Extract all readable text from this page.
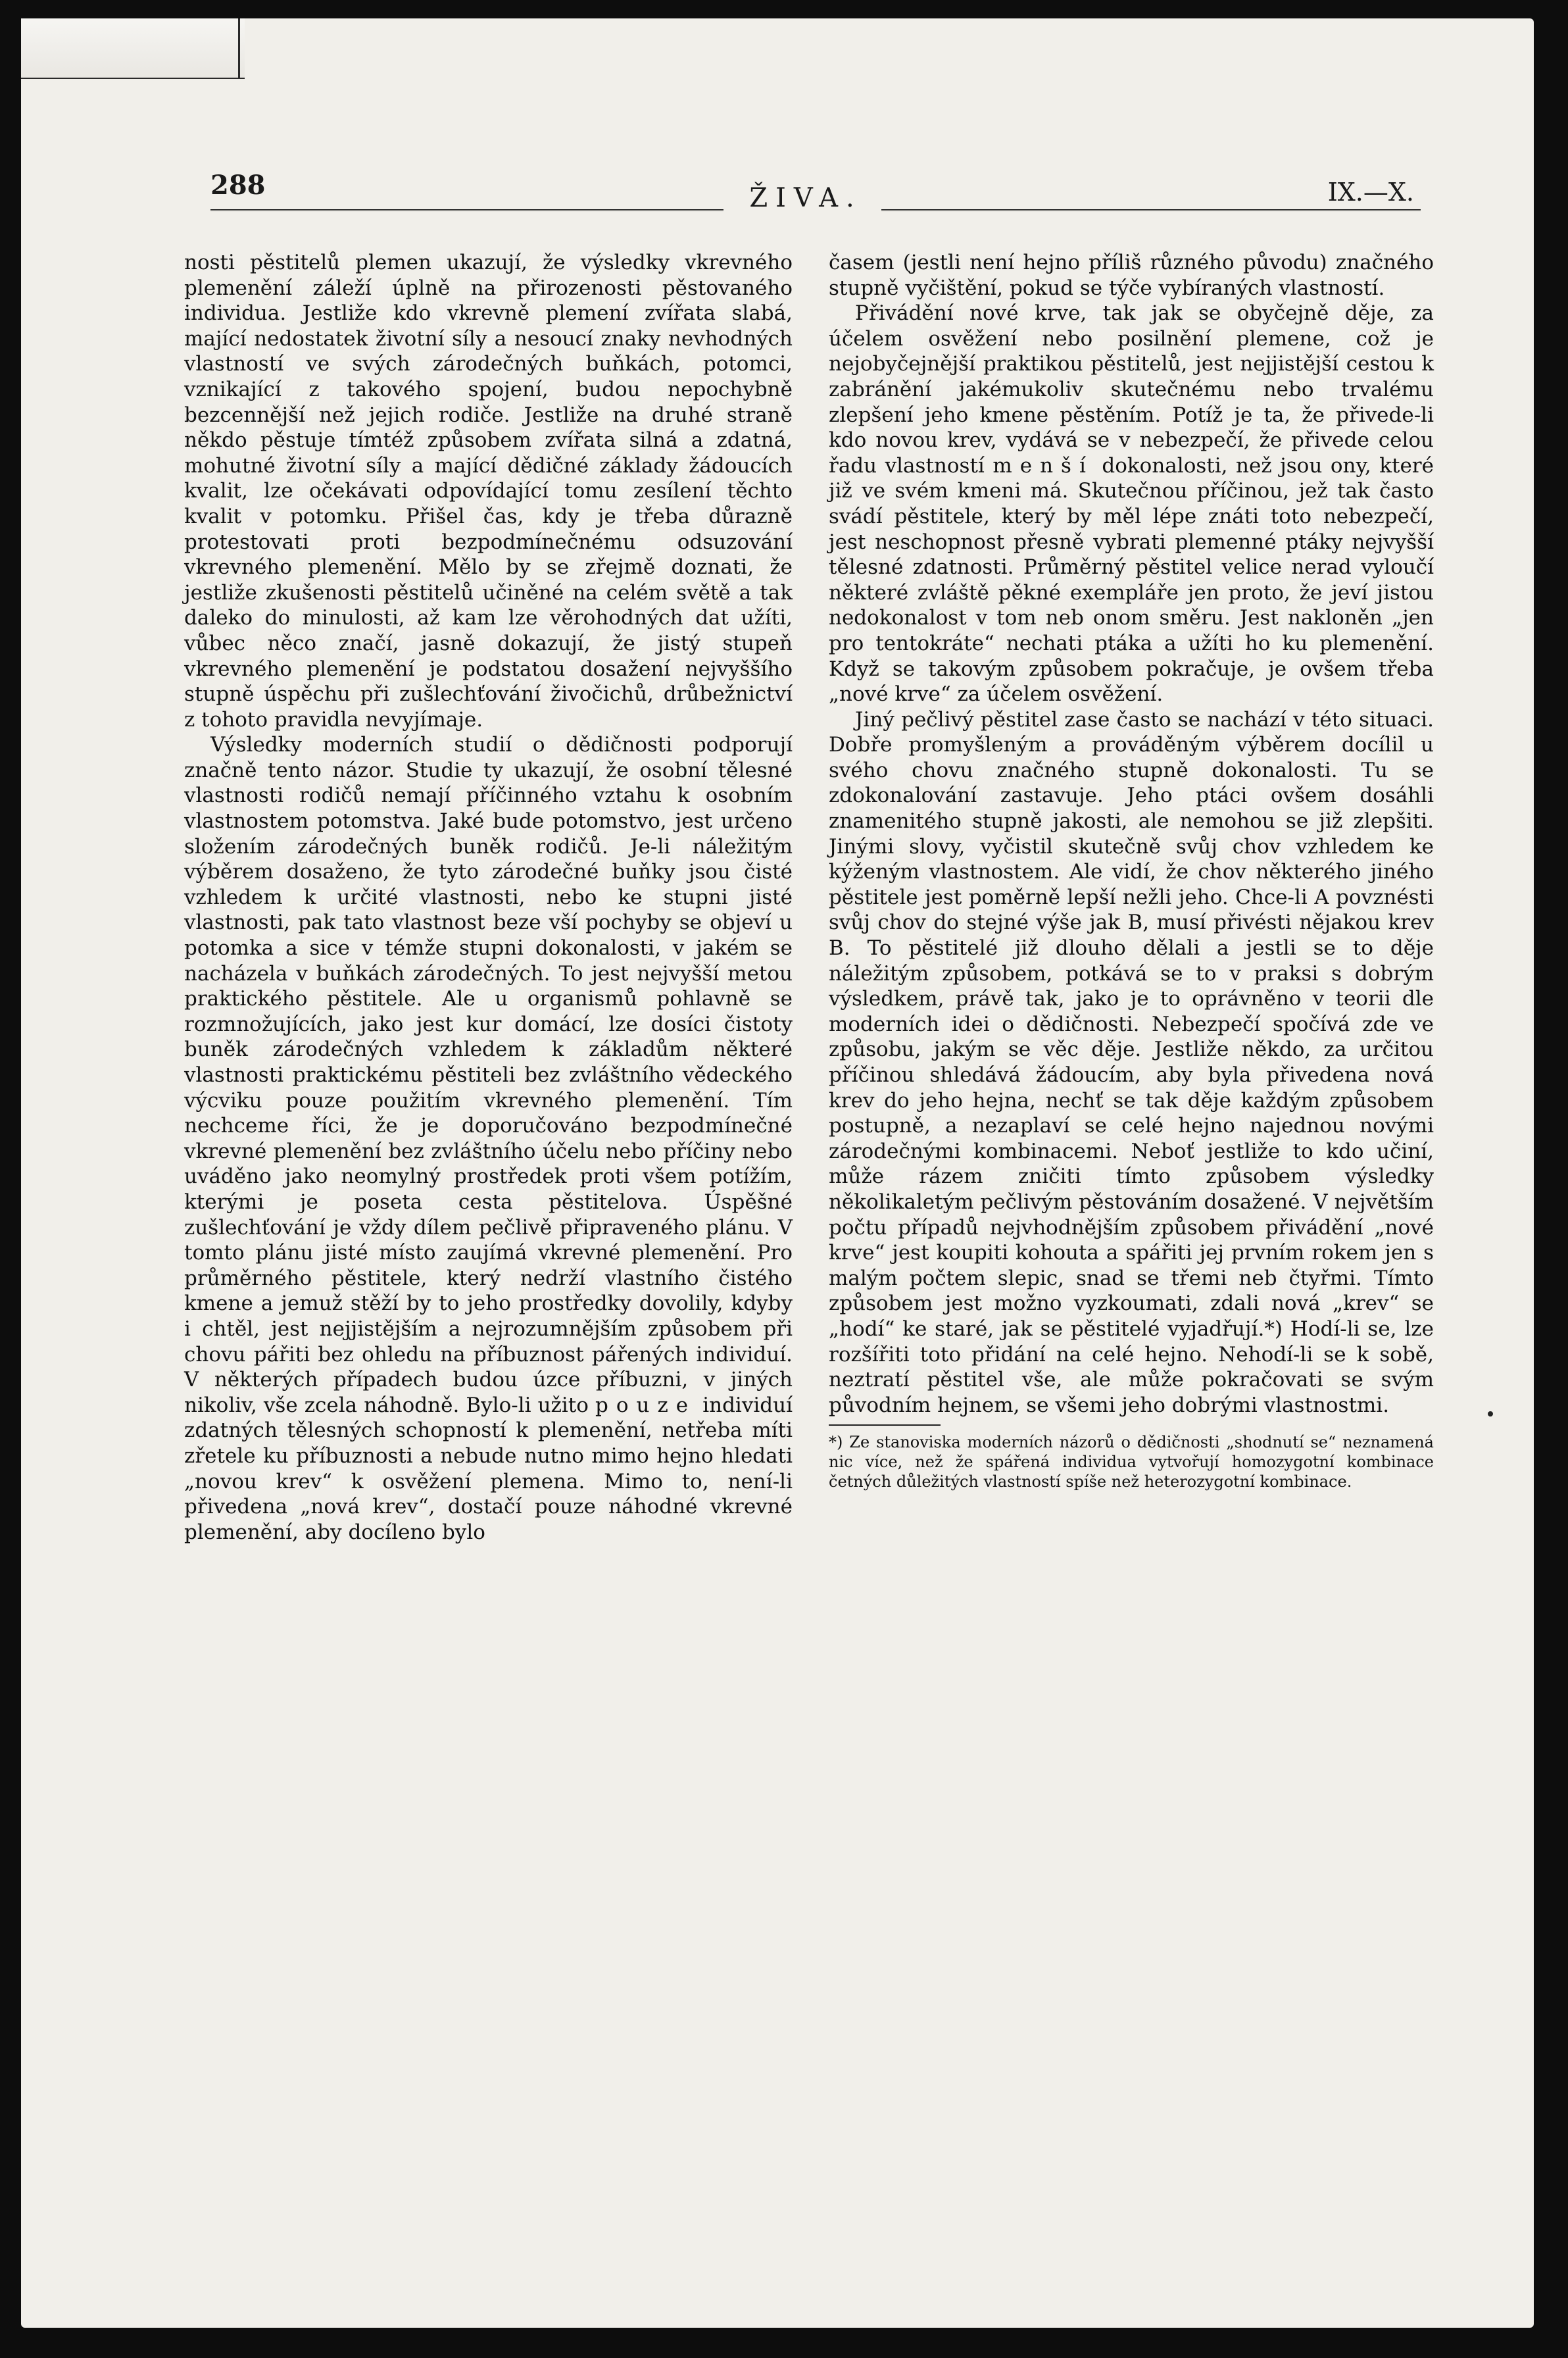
288	ŽIVA.	IX.—X.

nosti pěstitelů plemen ukazují, že výsledky vkrevného plemenění záleží úplně na přirozenosti pěstovaného individua. Jestliže kdo vkrevně plemení zvířata slabá, mající nedostatek životní síly a nesoucí znaky nevhodných vlastností ve svých zárodečných buňkách, potomci, vznikající z takového spojení, budou nepochybně bezcennější než jejich rodiče. Jestliže na druhé straně někdo pěstuje tímtéž způsobem zvířata silná a zdatná, mohutné životní síly a mající dědičné základy žádoucích kvalit, lze očekávati odpovídající tomu zesílení těchto kvalit v potomku. Přišel čas, kdy je třeba důrazně protestovati proti bezpodmínečnému odsuzování vkrevného plemenění. Mělo by se zřejmě doznati, že jestliže zkušenosti pěstitelů učiněné na celém světě a tak daleko do minulosti, až kam lze věrohodných dat užíti, vůbec něco značí, jasně dokazují, že jistý stupeň vkrevného plemenění je podstatou dosažení nejvyššího stupně úspěchu při zušlechťování živočichů, drůbežnictví z tohoto pravidla nevyjímaje.

Výsledky moderních studií o dědičnosti podporují značně tento názor. Studie ty ukazují, že osobní tělesné vlastnosti rodičů nemají příčinného vztahu k osobním vlastnostem potomstva. Jaké bude potomstvo, jest určeno složením zárodečných buněk rodičů. Je-li náležitým výběrem dosaženo, že tyto zárodečné buňky jsou čisté vzhledem k určité vlastnosti, nebo ke stupni jisté vlastnosti, pak tato vlastnost beze vší pochyby se objeví u potomka a sice v témže stupni dokonalosti, v jakém se nacházela v buňkách zárodečných. To jest nejvyšší metou praktického pěstitele. Ale u organismů pohlavně se rozmnožujících, jako jest kur domácí, lze dosíci čistoty buněk zárodečných vzhledem k základům některé vlastnosti praktickému pěstiteli bez zvláštního vědeckého výcviku pouze použitím vkrevného plemenění. Tím nechceme říci, že je doporučováno bezpodmínečné vkrevné plemenění bez zvláštního účelu nebo příčiny nebo uváděno jako neomylný prostředek proti všem potížím, kterými je poseta cesta pěstitelova. Úspěšné zušlechťování je vždy dílem pečlivě připraveného plánu. V tomto plánu jisté místo zaujímá vkrevné plemenění. Pro průměrného pěstitele, který nedrží vlastního čistého kmene a jemuž stěží by to jeho prostředky dovolily, kdyby i chtěl, jest nejjistějším a nejrozumnějším způsobem při chovu pářiti bez ohledu na příbuznost pářených individuí. V některých případech budou úzce příbuzni, v jiných nikoliv, vše zcela náhodně. Bylo-li užito pouze individuí zdatných tělesných schopností k plemenění, netřeba míti zřetele ku příbuznosti a nebude nutno mimo hejno hledati „novou krev“ k osvěžení plemena. Mimo to, není-li přivedena „nová krev“, dostačí pouze náhodné vkrevné plemenění, aby docíleno bylo

časem (jestli není hejno příliš různého původu) značného stupně vyčištění, pokud se týče vybíraných vlastností.

Přivádění nové krve, tak jak se obyčejně děje, za účelem osvěžení nebo posilnění plemene, což je nejobyčejnější praktikou pěstitelů, jest nejjistější cestou k zabránění jakémukoliv skutečnému nebo trvalému zlepšení jeho kmene pěstěním. Potíž je ta, že přivede-li kdo novou krev, vydává se v nebezpečí, že přivede celou řadu vlastností menší dokonalosti, než jsou ony, které již ve svém kmeni má. Skutečnou příčinou, jež tak často svádí pěstitele, který by měl lépe znáti toto nebezpečí, jest neschopnost přesně vybrati plemenné ptáky nejvyšší tělesné zdatnosti. Průměrný pěstitel velice nerad vyloučí některé zvláště pěkné exempláře jen proto, že jeví jistou nedokonalost v tom neb onom směru. Jest nakloněn „jen pro tentokráte“ nechati ptáka a užíti ho ku plemenění. Když se takovým způsobem pokračuje, je ovšem třeba „nové krve“ za účelem osvěžení.

Jiný pečlivý pěstitel zase často se nachází v této situaci. Dobře promyšleným a prováděným výběrem docílil u svého chovu značného stupně dokonalosti. Tu se zdokonalování zastavuje. Jeho ptáci ovšem dosáhli znamenitého stupně jakosti, ale nemohou se již zlepšiti. Jinými slovy, vyčistil skutečně svůj chov vzhledem ke kýženým vlastnostem. Ale vidí, že chov některého jiného pěstitele jest poměrně lepší nežli jeho. Chce-li A povznésti svůj chov do stejné výše jak B, musí přivésti nějakou krev B. To pěstitelé již dlouho dělali a jestli se to děje náležitým způsobem, potkává se to v praksi s dobrým výsledkem, právě tak, jako je to oprávněno v teorii dle moderních idei o dědičnosti. Nebezpečí spočívá zde ve způsobu, jakým se věc děje. Jestliže někdo, za určitou příčinou shledává žádoucím, aby byla přivedena nová krev do jeho hejna, nechť se tak děje každým způsobem postupně, a nezaplaví se celé hejno najednou novými zárodečnými kombinacemi. Neboť jestliže to kdo učiní, může rázem zničiti tímto způsobem výsledky několikaletým pečlivým pěstováním dosažené. V největším počtu případů nejvhodnějším způsobem přivádění „nové krve“ jest koupiti kohouta a spářiti jej prvním rokem jen s malým počtem slepic, snad se třemi neb čtyřmi. Tímto způsobem jest možno vyzkoumati, zdali nová „krev“ se „hodí“ ke staré, jak se pěstitelé vyjadřují.*) Hodí-li se, lze rozšířiti toto přidání na celé hejno. Nehodí-li se k sobě, neztratí pěstitel vše, ale může pokračovati se svým původním hejnem, se všemi jeho dobrými vlastnostmi.

*) Ze stanoviska moderních názorů o dědičnosti „shodnutí se“ neznamená nic více, než že spářená individua vytvořují homozygotní kombinace četných důležitých vlastností spíše než heterozygotní kombinace.
